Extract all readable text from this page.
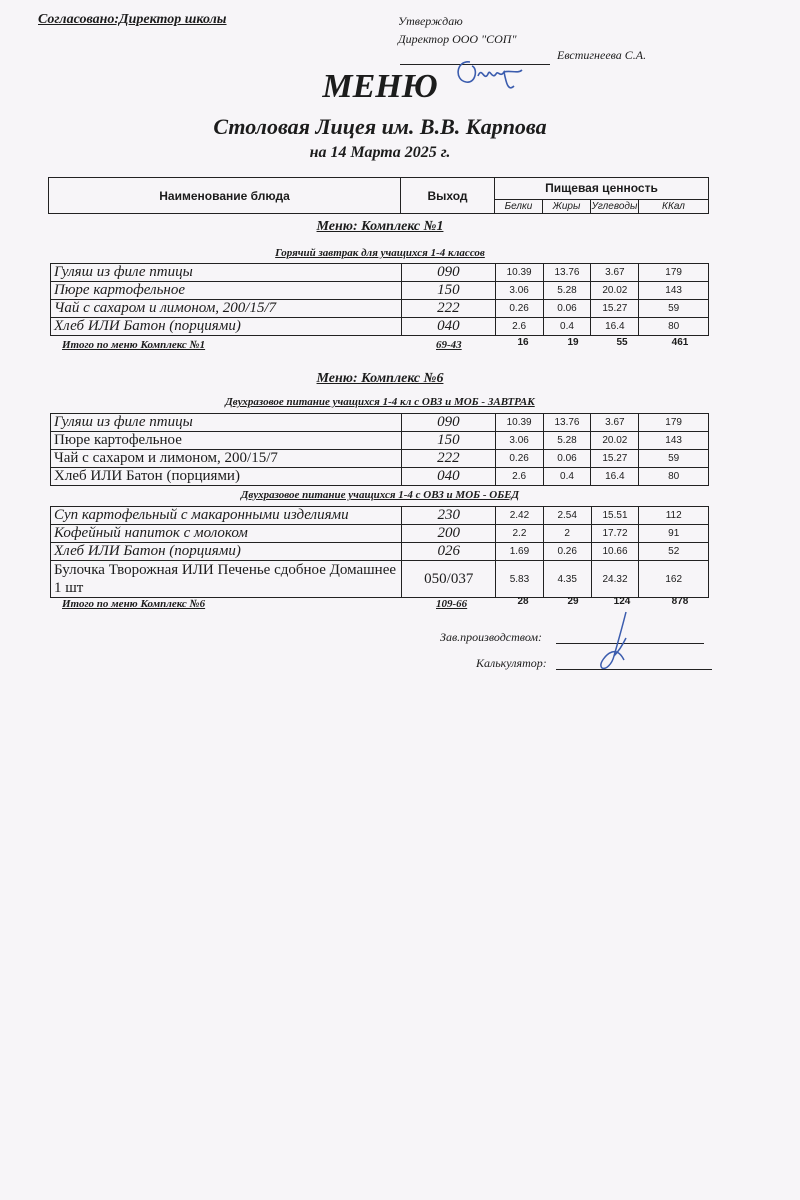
Согласовано:Директор школы	Утверждаю
Директор ООО "СОП"
Евстигнеева С.А.
МЕНЮ
Столовая Лицея им. В.В. Карпова
на 14 Марта 2025 г.
Наименование блюда	Выход	Пищевая ценность			
		Белки	Жиры	Углеводы	ККал
Меню: Комплекс №1
Горячий завтрак для учащихся 1-4 классов
Гуляш из филе птицы	090	10.39	13.76	3.67	179
Пюре картофельное	150	3.06	5.28	20.02	143
Чай с сахаром и лимоном, 200/15/7	222	0.26	0.06	15.27	59
Хлеб ИЛИ Батон (порциями)	040	2.6	0.4	16.4	80
Итого по меню Комплекс №1	69-43	16	19	55	461
Меню: Комплекс №6
Двухразовое питание учащихся 1-4 кл с ОВЗ и МОБ - ЗАВТРАК
Гуляш из филе птицы	090	10.39	13.76	3.67	179
Пюре картофельное	150	3.06	5.28	20.02	143
Чай с сахаром и лимоном, 200/15/7	222	0.26	0.06	15.27	59
Хлеб ИЛИ Батон (порциями)	040	2.6	0.4	16.4	80
Двухразовое питание учащихся 1-4 с ОВЗ и МОБ - ОБЕД
Суп картофельный с макаронными изделиями	230	2.42	2.54	15.51	112
Кофейный напиток с молоком	200	2.2	2	17.72	91
Хлеб ИЛИ Батон (порциями)	026	1.69	0.26	10.66	52
Булочка Творожная ИЛИ Печенье сдобное Домашнее 1 шт	050/037	5.83	4.35	24.32	162
Итого по меню Комплекс №6	109-66	28	29	124	878
Зав.производством:
Калькулятор:
